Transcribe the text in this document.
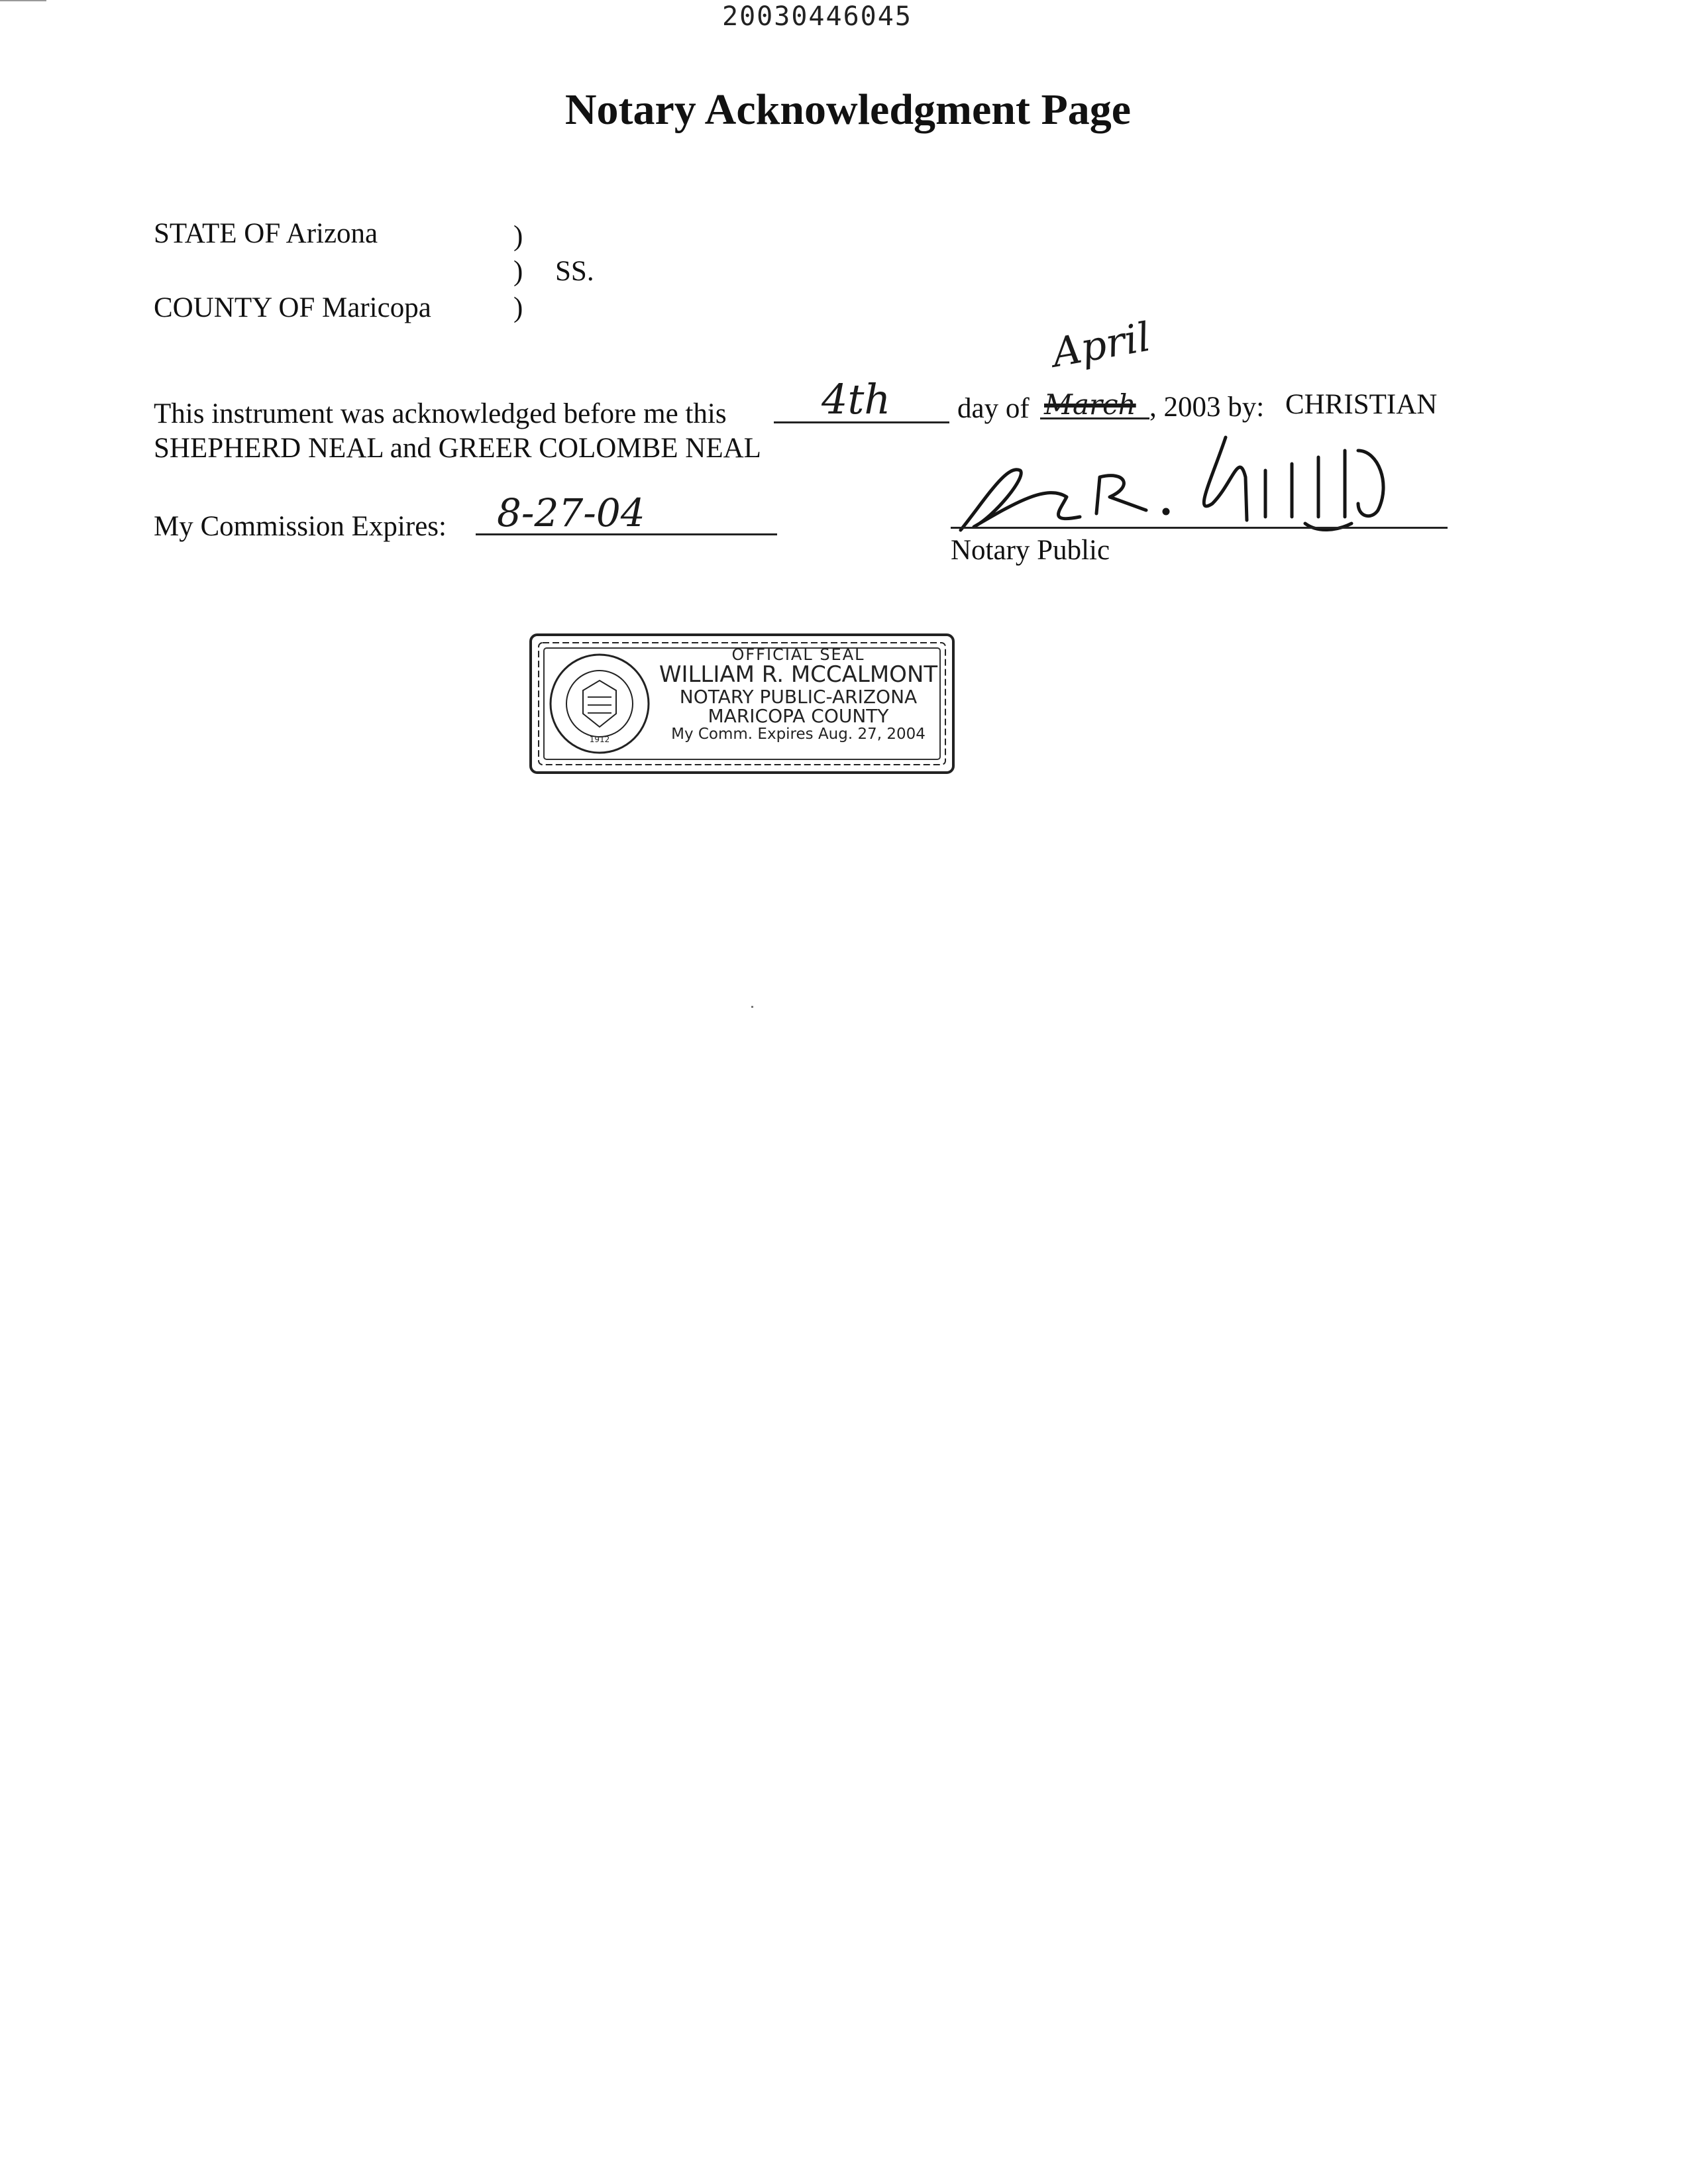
20030446045
Notary Acknowledgment Page
STATE OF Arizona
COUNTY OF Maricopa
)
)
)
SS.
This instrument was acknowledged before me this 4th day of March
April
, 2003 by: CHRISTIAN
SHEPHERD NEAL and GREER COLOMBE NEAL
My Commission Expires: 8-27-04
Notary Public
1912
OFFICIAL SEAL
WILLIAM R. MCCALMONT
NOTARY PUBLIC-ARIZONA
MARICOPA COUNTY
My Comm. Expires Aug. 27, 2004
